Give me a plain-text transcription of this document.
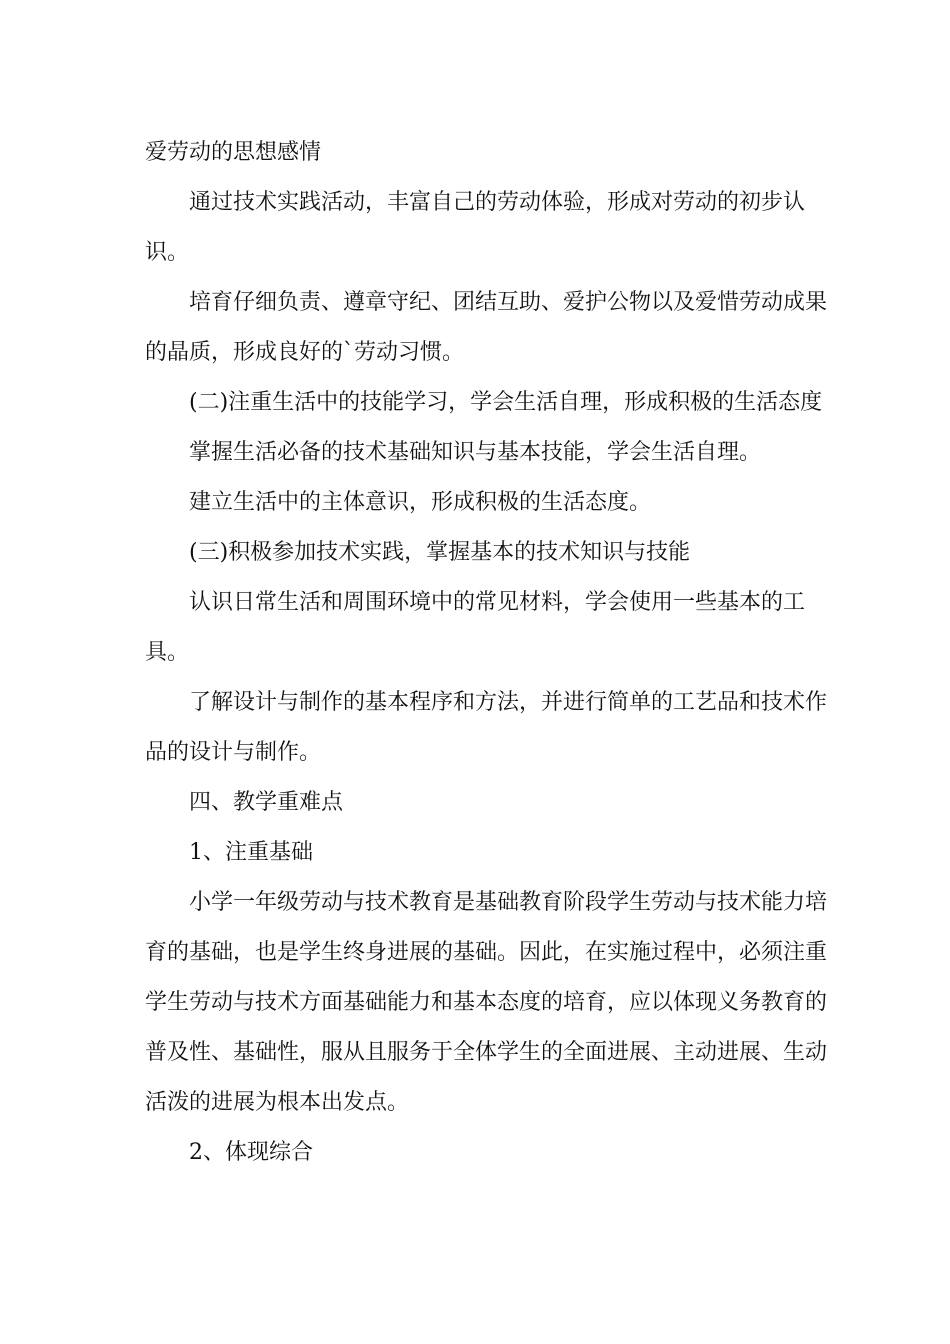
爱劳动的思想感情

通过技术实践活动，丰富自己的劳动体验，形成对劳动的初步认识。

培育仔细负责、遵章守纪、团结互助、爱护公物以及爱惜劳动成果的晶质，形成良好的`劳动习惯。

(二)注重生活中的技能学习，学会生活自理，形成积极的生活态度

掌握生活必备的技术基础知识与基本技能，学会生活自理。

建立生活中的主体意识，形成积极的生活态度。

(三)积极参加技术实践，掌握基本的技术知识与技能

认识日常生活和周围环境中的常见材料，学会使用一些基本的工具。

了解设计与制作的基本程序和方法，并进行简单的工艺品和技术作品的设计与制作。

四、教学重难点

1、注重基础

小学一年级劳动与技术教育是基础教育阶段学生劳动与技术能力培育的基础，也是学生终身进展的基础。因此，在实施过程中，必须注重学生劳动与技术方面基础能力和基本态度的培育，应以体现义务教育的普及性、基础性，服从且服务于全体学生的全面进展、主动进展、生动活泼的进展为根本出发点。

2、体现综合
